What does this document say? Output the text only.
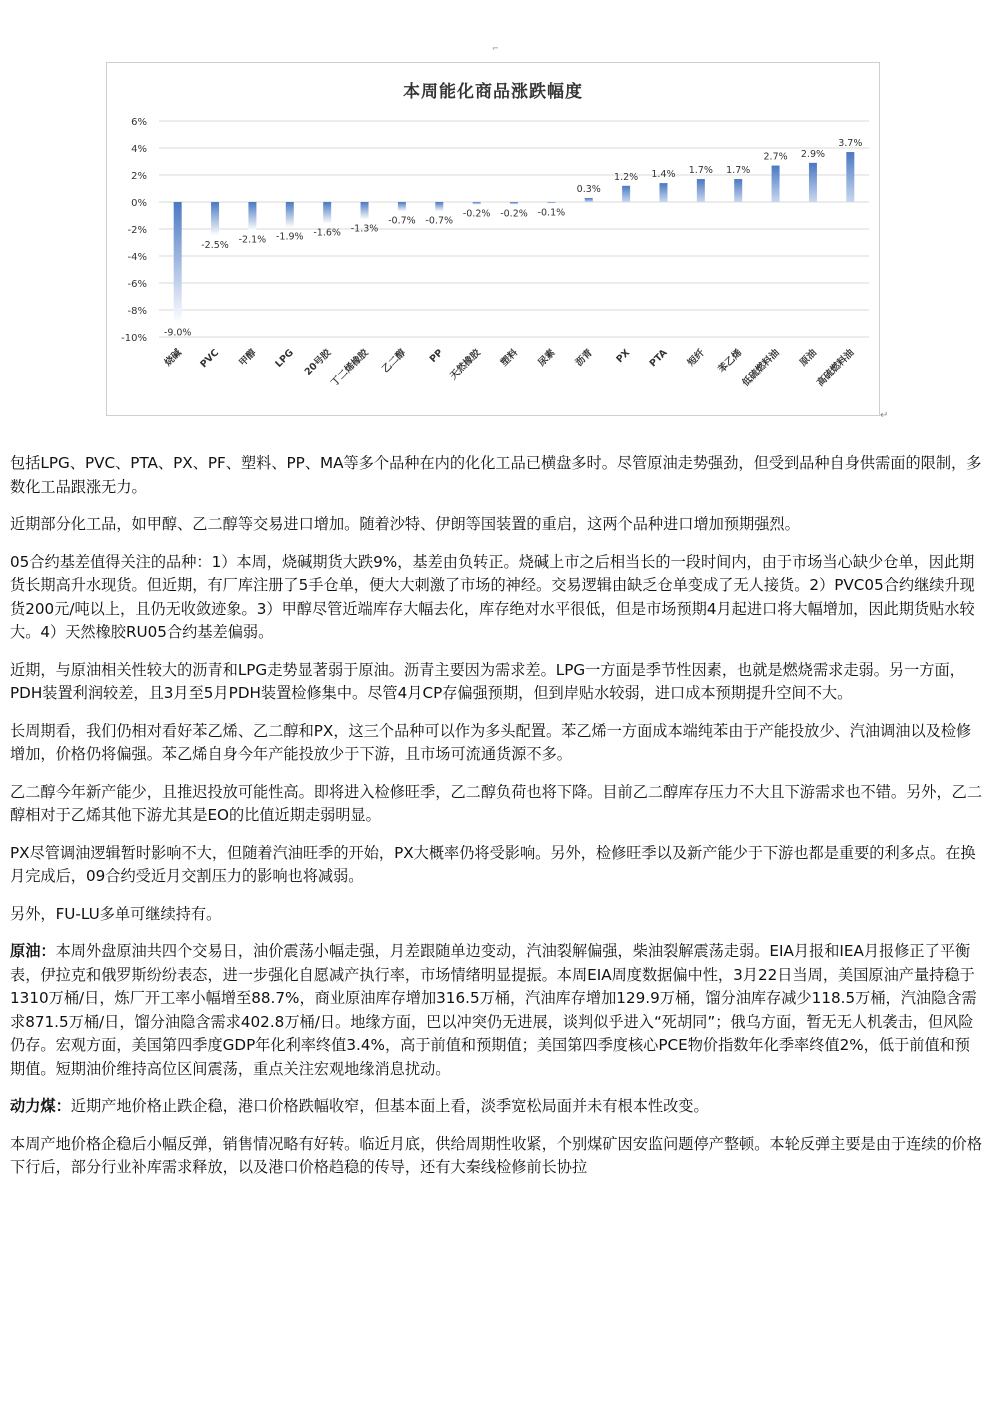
⌐
本周能化商品涨跌幅度
6%
4%
2%
0%
-2%
-4%
-6%
-8%
-10% -9.0%
烧碱
-2.5%
PVC
-2.1%
甲醇
-1.9%
LPG
-1.6%
20号胶
-1.3%
丁二烯橡胶
-0.7%
乙二醇
-0.7%
PP
-0.2%
天然橡胶
-0.2%
塑料
-0.1%
尿素
0.3%
沥青
1.2%
PX
1.4%
PTA
1.7%
短纤
1.7%
苯乙烯
2.7%
低硫燃料油
2.9%
原油
3.7%
高硫燃料油
↵

包括LPG、PVC、PTA、PX、PF、塑料、PP、MA等多个品种在内的化化工品已横盘多时。尽管原油走势强劲，但受到品种自身供需面的限制，多数化工品跟涨无力。

近期部分化工品，如甲醇、乙二醇等交易进口增加。随着沙特、伊朗等国装置的重启，这两个品种进口增加预期强烈。

05合约基差值得关注的品种：1）本周，烧碱期货大跌9%，基差由负转正。烧碱上市之后相当长的一段时间内，由于市场当心缺少仓单，因此期货长期高升水现货。但近期，有厂库注册了5手仓单，便大大刺激了市场的神经。交易逻辑由缺乏仓单变成了无人接货。2）PVC05合约继续升现货200元/吨以上，且仍无收敛迹象。3）甲醇尽管近端库存大幅去化，库存绝对水平很低，但是市场预期4月起进口将大幅增加，因此期货贴水较大。4）天然橡胶RU05合约基差偏弱。

近期，与原油相关性较大的沥青和LPG走势显著弱于原油。沥青主要因为需求差。LPG一方面是季节性因素，也就是燃烧需求走弱。另一方面，PDH装置利润较差，且3月至5月PDH装置检修集中。尽管4月CP存偏强预期，但到岸贴水较弱，进口成本预期提升空间不大。

长周期看，我们仍相对看好苯乙烯、乙二醇和PX，这三个品种可以作为多头配置。苯乙烯一方面成本端纯苯由于产能投放少、汽油调油以及检修增加，价格仍将偏强。苯乙烯自身今年产能投放少于下游，且市场可流通货源不多。

乙二醇今年新产能少，且推迟投放可能性高。即将进入检修旺季，乙二醇负荷也将下降。目前乙二醇库存压力不大且下游需求也不错。另外，乙二醇相对于乙烯其他下游尤其是EO的比值近期走弱明显。

PX尽管调油逻辑暂时影响不大，但随着汽油旺季的开始，PX大概率仍将受影响。另外，检修旺季以及新产能少于下游也都是重要的利多点。在换月完成后，09合约受近月交割压力的影响也将减弱。

另外，FU-LU多单可继续持有。

原油：本周外盘原油共四个交易日，油价震荡小幅走强，月差跟随单边变动，汽油裂解偏强，柴油裂解震荡走弱。EIA月报和IEA月报修正了平衡表，伊拉克和俄罗斯纷纷表态，进一步强化自愿减产执行率，市场情绪明显提振。本周EIA周度数据偏中性，3月22日当周，美国原油产量持稳于1310万桶/日，炼厂开工率小幅增至88.7%，商业原油库存增加316.5万桶，汽油库存增加129.9万桶，馏分油库存减少118.5万桶，汽油隐含需求871.5万桶/日，馏分油隐含需求402.8万桶/日。地缘方面，巴以冲突仍无进展，谈判似乎进入“死胡同”；俄乌方面，暂无无人机袭击，但风险仍存。宏观方面，美国第四季度GDP年化利率终值3.4%，高于前值和预期值；美国第四季度核心PCE物价指数年化季率终值2%，低于前值和预期值。短期油价维持高位区间震荡，重点关注宏观地缘消息扰动。

动力煤：近期产地价格止跌企稳，港口价格跌幅收窄，但基本面上看，淡季宽松局面并未有根本性改变。

本周产地价格企稳后小幅反弹，销售情况略有好转。临近月底，供给周期性收紧，个别煤矿因安监问题停产整顿。本轮反弹主要是由于连续的价格下行后，部分行业补库需求释放，以及港口价格趋稳的传导，还有大秦线检修前长协拉
